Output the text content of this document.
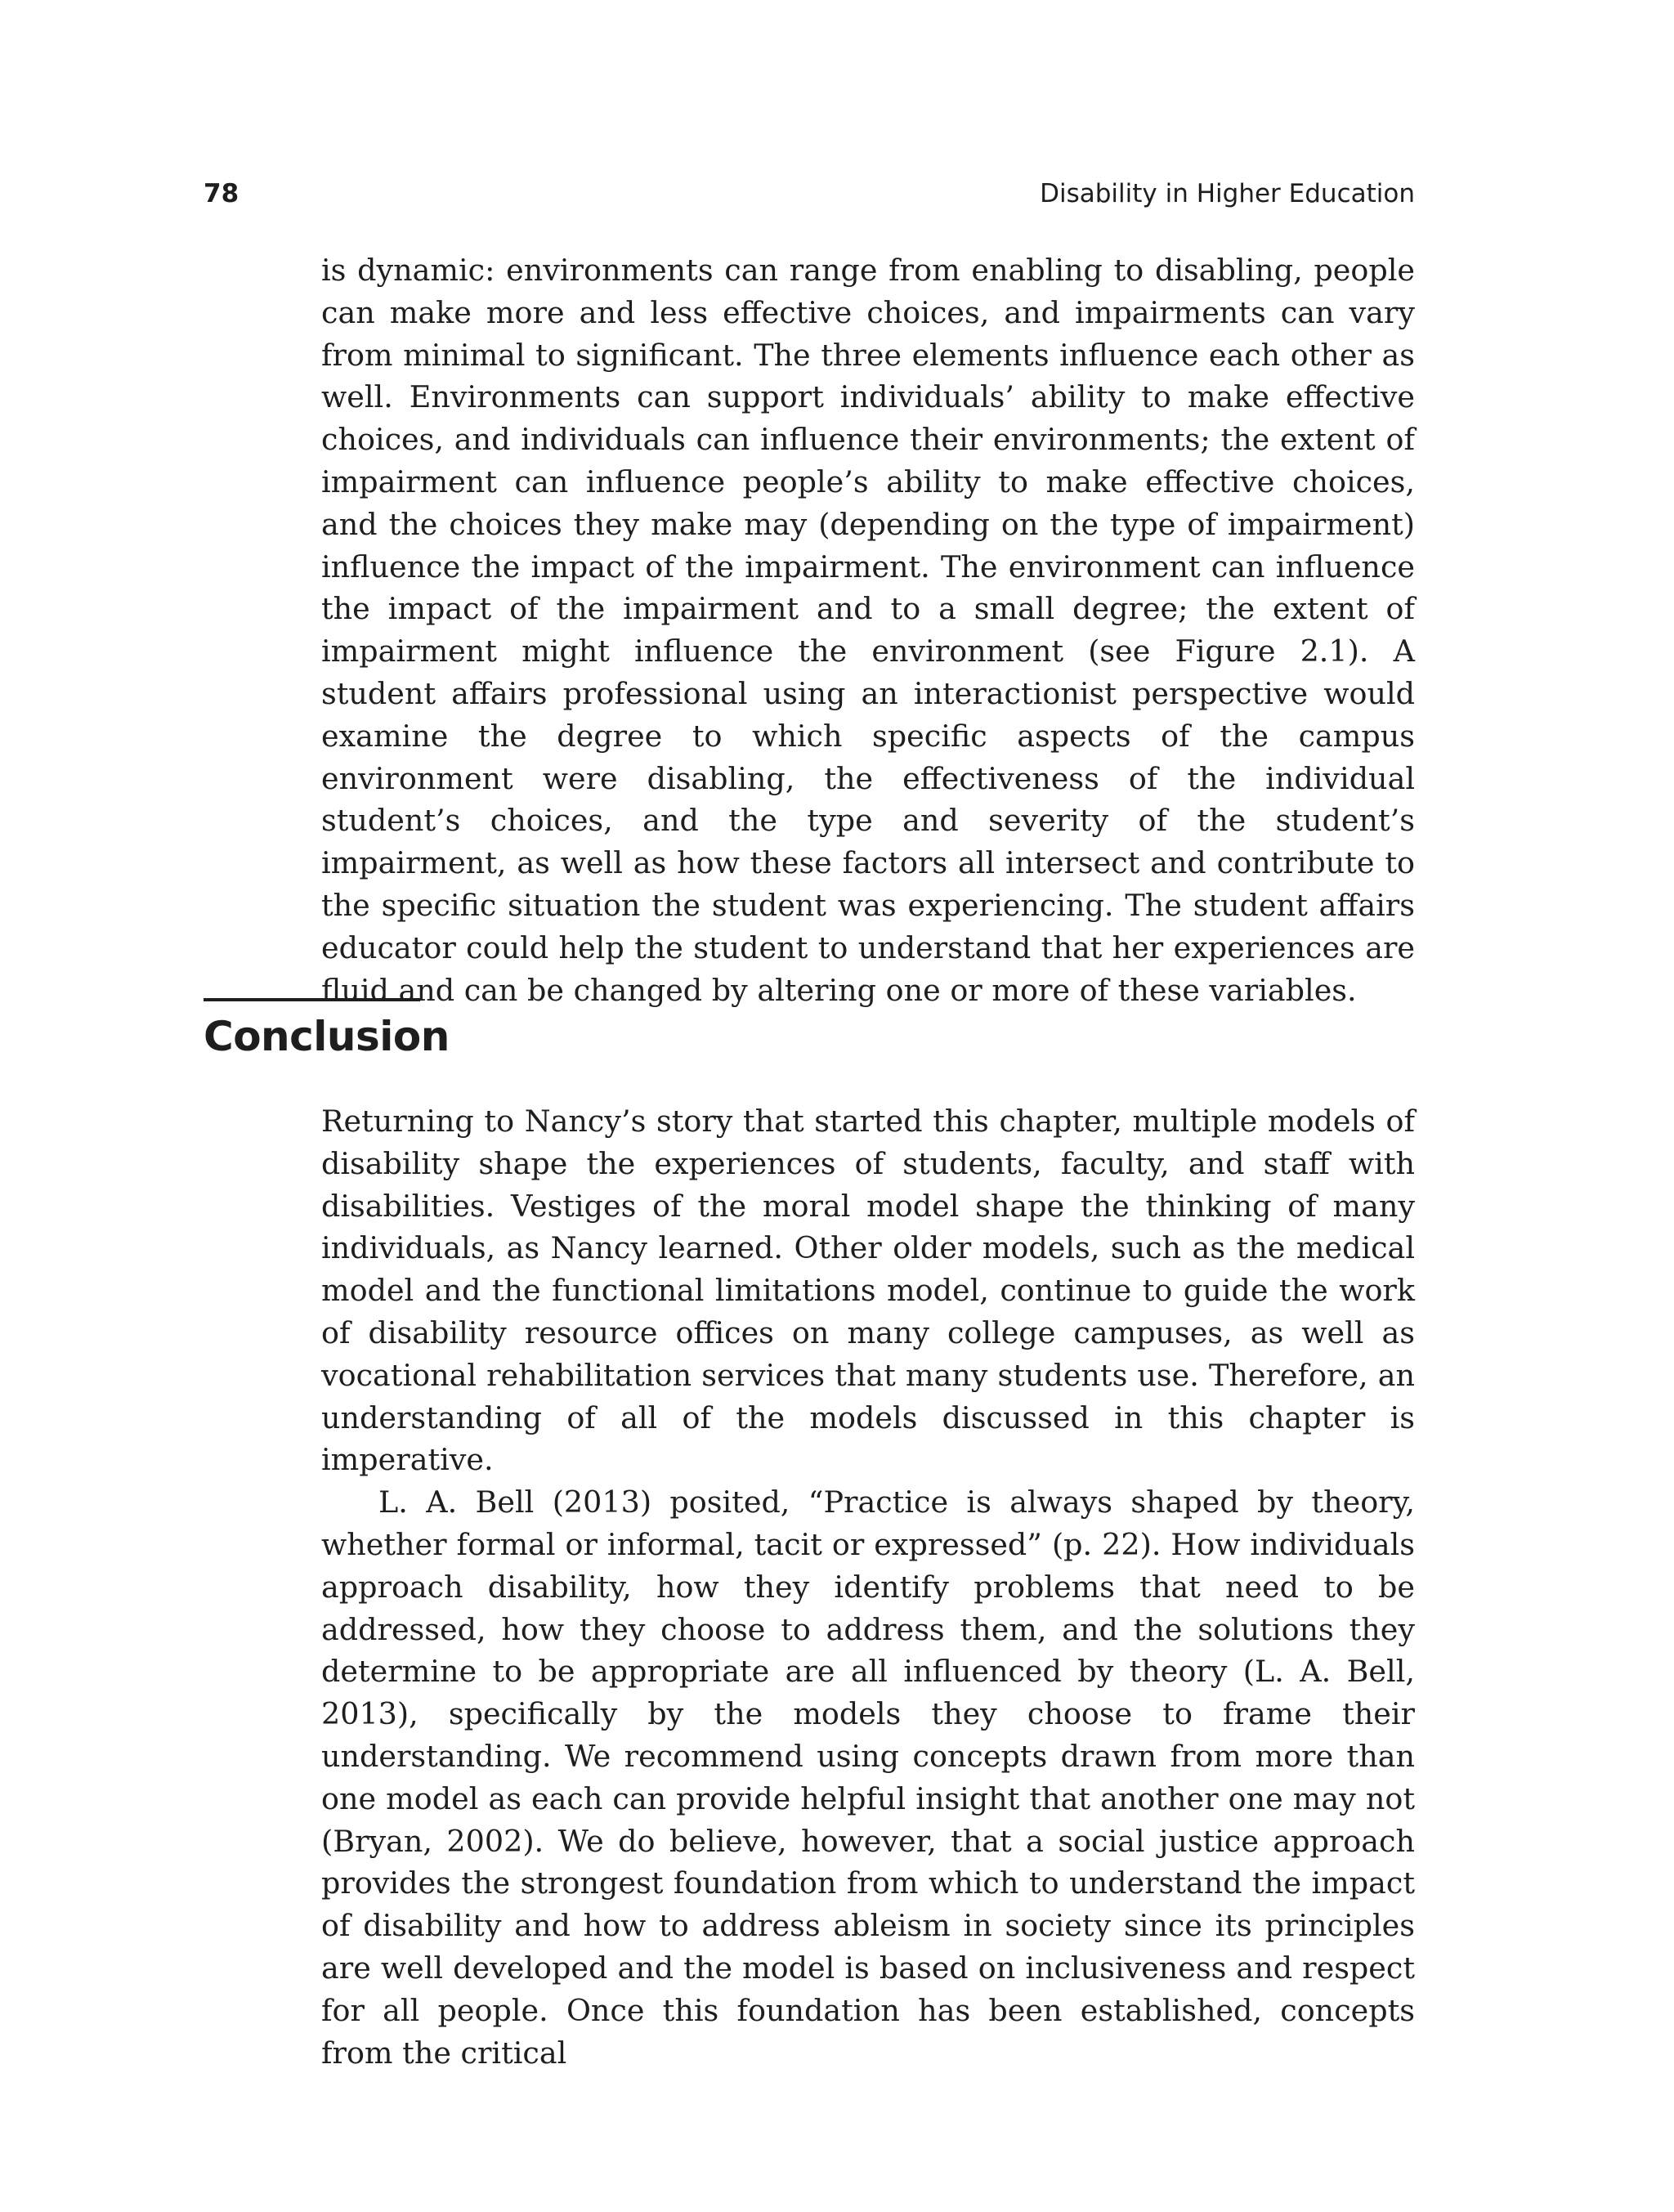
78	Disability in Higher Education

is dynamic: environments can range from enabling to disabling, people can make more and less effective choices, and impairments can vary from minimal to significant. The three elements influence each other as well. Environments can support individuals’ ability to make effective choices, and individuals can influence their environments; the extent of impairment can influence people’s ability to make effective choices, and the choices they make may (depending on the type of impairment) influence the impact of the impairment. The environment can influence the impact of the impairment and to a small degree; the extent of impairment might influence the environment (see Figure 2.1). A student affairs professional using an interactionist perspective would examine the degree to which specific aspects of the campus environment were disabling, the effectiveness of the individual student’s choices, and the type and severity of the student’s impairment, as well as how these factors all intersect and contribute to the specific situation the student was experiencing. The student affairs educator could help the student to understand that her experiences are fluid and can be changed by altering one or more of these variables.

Conclusion

Returning to Nancy’s story that started this chapter, multiple models of disability shape the experiences of students, faculty, and staff with disabilities. Vestiges of the moral model shape the thinking of many individuals, as Nancy learned. Other older models, such as the medical model and the functional limitations model, continue to guide the work of disability resource offices on many college campuses, as well as vocational rehabilitation services that many students use. Therefore, an understanding of all of the models discussed in this chapter is imperative.

L. A. Bell (2013) posited, “Practice is always shaped by theory, whether formal or informal, tacit or expressed” (p. 22). How individuals approach disability, how they identify problems that need to be addressed, how they choose to address them, and the solutions they determine to be appropriate are all influenced by theory (L. A. Bell, 2013), specifically by the models they choose to frame their understanding. We recommend using concepts drawn from more than one model as each can provide helpful insight that another one may not (Bryan, 2002). We do believe, however, that a social justice approach provides the strongest foundation from which to understand the impact of disability and how to address ableism in society since its principles are well developed and the model is based on inclusiveness and respect for all people. Once this foundation has been established, concepts from the critical
